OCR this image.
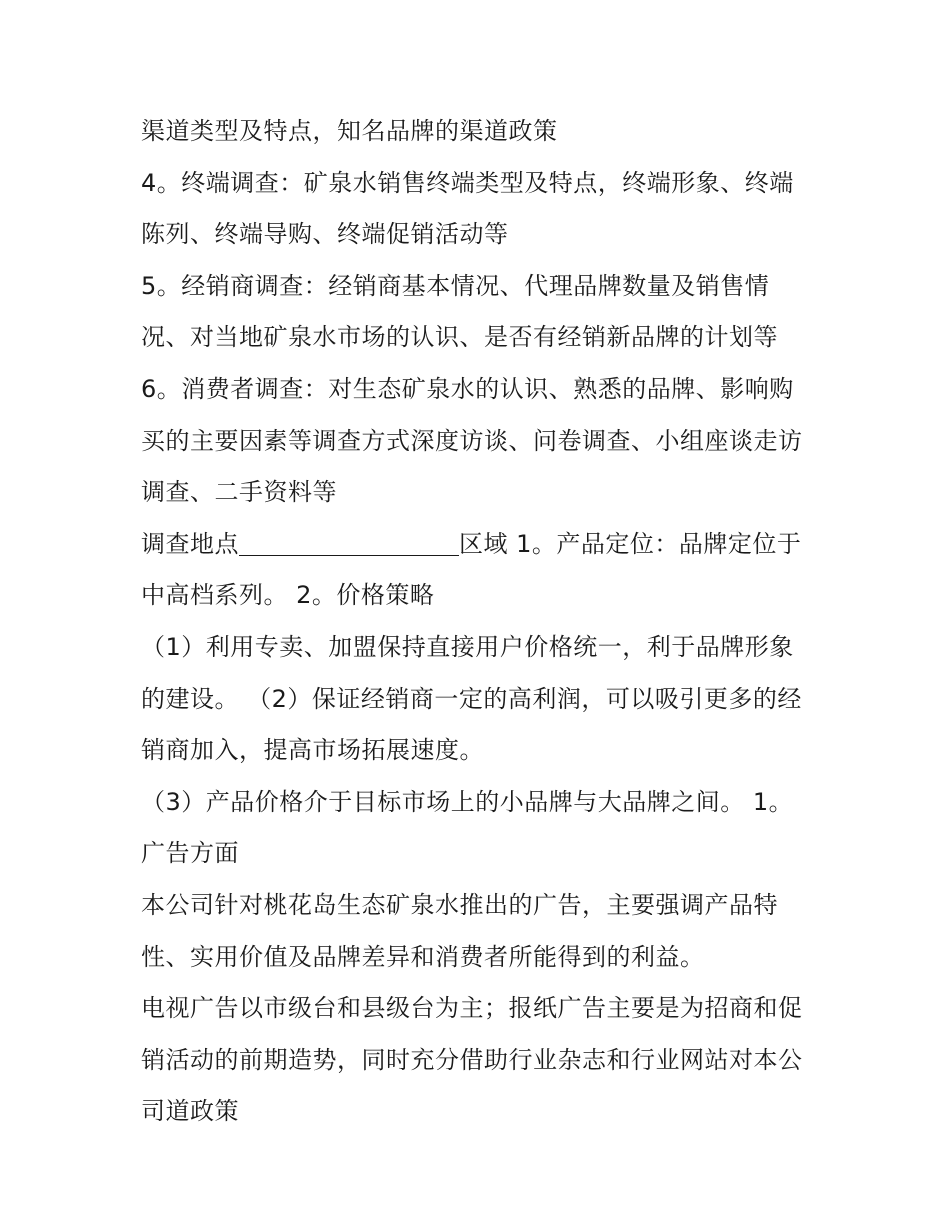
渠道类型及特点，知名品牌的渠道政策

4。终端调查：矿泉水销售终端类型及特点，终端形象、终端

陈列、终端导购、终端促销活动等

5。经销商调查：经销商基本情况、代理品牌数量及销售情

况、对当地矿泉水市场的认识、是否有经销新品牌的计划等

6。消费者调查：对生态矿泉水的认识、熟悉的品牌、影响购

买的主要因素等调查方式深度访谈、问卷调查、小组座谈走访

调查、二手资料等

调查地点	区域 1。产品定位：品牌定位于

中高档系列。 2。价格策略

（1）利用专卖、加盟保持直接用户价格统一，利于品牌形象

的建设。 （2）保证经销商一定的高利润，可以吸引更多的经

销商加入，提高市场拓展速度。

（3）产品价格介于目标市场上的小品牌与大品牌之间。 1。

广告方面

本公司针对桃花岛生态矿泉水推出的广告，主要强调产品特

性、实用价值及品牌差异和消费者所能得到的利益。

电视广告以市级台和县级台为主；报纸广告主要是为招商和促

销活动的前期造势，同时充分借助行业杂志和行业网站对本公

司道政策
